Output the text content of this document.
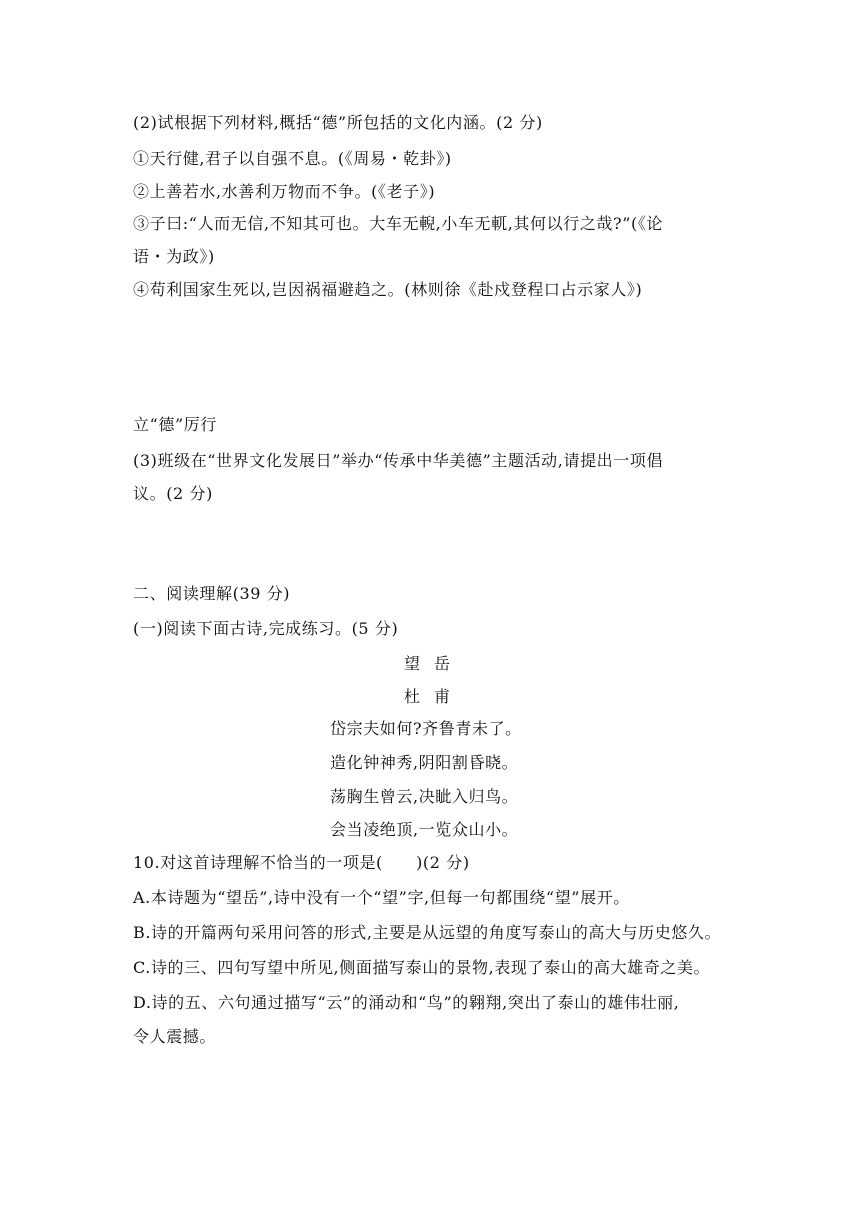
(2)试根据下列材料,概括“德”所包括的文化内涵。(2 分)
①天行健,君子以自强不息。(《周易・乾卦》)
②上善若水,水善利万物而不争。(《老子》)
③子曰:“人而无信,不知其可也。大车无輗,小车无軏,其何以行之哉?”(《论
语・为政》)
④苟利国家生死以,岂因祸福避趋之。(林则徐《赴戍登程口占示家人》)
立“德”厉行
(3)班级在“世界文化发展日”举办“传承中华美德”主题活动,请提出一项倡
议。(2 分)
二、阅读理解(39 分)
(一)阅读下面古诗,完成练习。(5 分)
望岳
杜甫
岱宗夫如何?齐鲁青未了。
造化钟神秀,阴阳割昏晓。
荡胸生曾云,决眦入归鸟。
会当凌绝顶,一览众山小。
10.对这首诗理解不恰当的一项是(　　)(2 分)
A.本诗题为“望岳”,诗中没有一个“望”字,但每一句都围绕“望”展开。
B.诗的开篇两句采用问答的形式,主要是从远望的角度写泰山的高大与历史悠久。
C.诗的三、四句写望中所见,侧面描写泰山的景物,表现了泰山的高大雄奇之美。
D.诗的五、六句通过描写“云”的涌动和“鸟”的翱翔,突出了泰山的雄伟壮丽,
令人震撼。
